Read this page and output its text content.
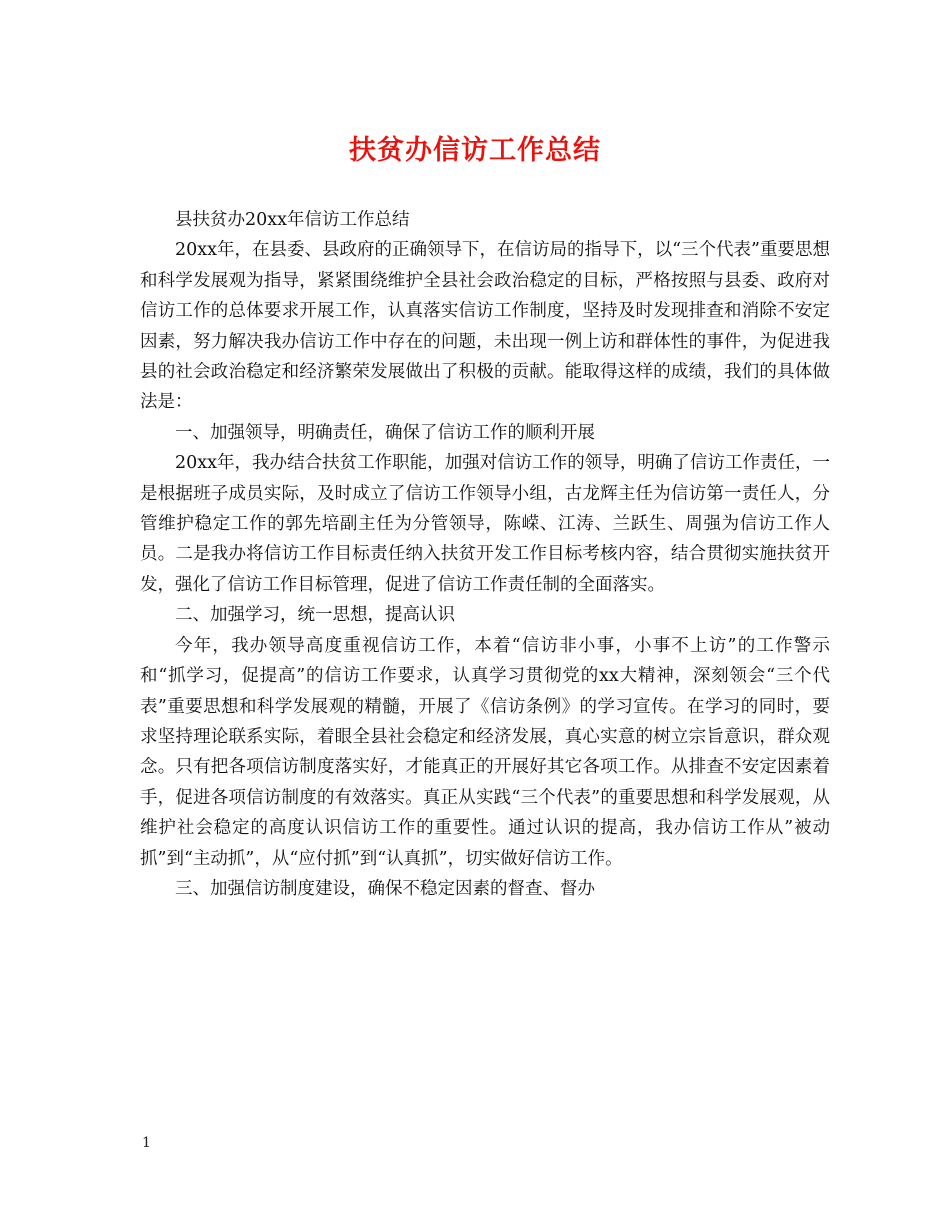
扶贫办信访工作总结

县扶贫办20xx年信访工作总结

20xx年，在县委、县政府的正确领导下，在信访局的指导下，以“三个代表”重要思想和科学发展观为指导，紧紧围绕维护全县社会政治稳定的目标，严格按照与县委、政府对信访工作的总体要求开展工作，认真落实信访工作制度，坚持及时发现排查和消除不安定因素，努力解决我办信访工作中存在的问题，未出现一例上访和群体性的事件，为促进我县的社会政治稳定和经济繁荣发展做出了积极的贡献。能取得这样的成绩，我们的具体做法是：

一、加强领导，明确责任，确保了信访工作的顺利开展

20xx年，我办结合扶贫工作职能，加强对信访工作的领导，明确了信访工作责任，一是根据班子成员实际，及时成立了信访工作领导小组，古龙辉主任为信访第一责任人，分管维护稳定工作的郭先培副主任为分管领导，陈嵘、江涛、兰跃生、周强为信访工作人员。二是我办将信访工作目标责任纳入扶贫开发工作目标考核内容，结合贯彻实施扶贫开发，强化了信访工作目标管理，促进了信访工作责任制的全面落实。

二、加强学习，统一思想，提高认识

今年，我办领导高度重视信访工作，本着“信访非小事，小事不上访”的工作警示和“抓学习，促提高”的信访工作要求，认真学习贯彻党的xx大精神，深刻领会“三个代表”重要思想和科学发展观的精髓，开展了《信访条例》的学习宣传。在学习的同时，要求坚持理论联系实际，着眼全县社会稳定和经济发展，真心实意的树立宗旨意识，群众观念。只有把各项信访制度落实好，才能真正的开展好其它各项工作。从排查不安定因素着手，促进各项信访制度的有效落实。真正从实践“三个代表”的重要思想和科学发展观，从维护社会稳定的高度认识信访工作的重要性。通过认识的提高，我办信访工作从”被动抓”到“主动抓”，从“应付抓”到“认真抓”，切实做好信访工作。

三、加强信访制度建设，确保不稳定因素的督查、督办

1
